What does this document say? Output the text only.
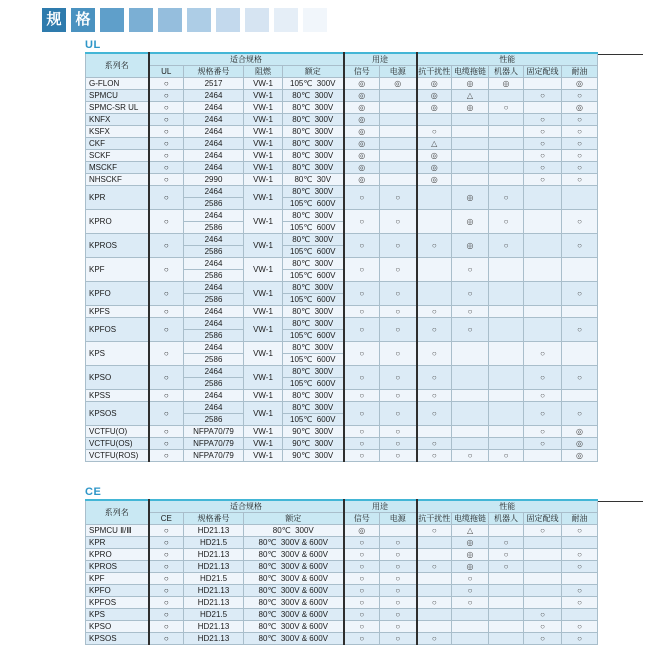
规 格
UL
系列名	适合规格				用途		性能				
	UL	规格番号	阻燃	额定	信号	电源	抗干扰性	电缆拖链	机器人	固定配线	耐油
G-FLON	○	2517	VW-1	105℃  300V	◎	◎	◎	◎	◎		◎
SPMCU	○	2464	VW-1	80℃  300V	◎		◎	△		○	○
SPMC-SR UL	○	2464	VW-1	80℃  300V	◎		◎	◎	○		◎
KNFX	○	2464	VW-1	80℃  300V	◎					○	○
KSFX	○	2464	VW-1	80℃  300V	◎		○			○	○
CKF	○	2464	VW-1	80℃  300V	◎		△			○	○
SCKF	○	2464	VW-1	80℃  300V	◎		◎			○	○
MSCKF	○	2464	VW-1	80℃  300V	◎		◎			○	○
NHSCKF	○	2990	VW-1	80℃  30V	◎		◎			○	○
KPR	○	2464	VW-1	80℃  300V	○	○		◎	○		
		2586		105℃  600V							
KPRO	○	2464	VW-1	80℃  300V	○	○		◎	○		○
		2586		105℃  600V							
KPROS	○	2464	VW-1	80℃  300V	○	○	○	◎	○		○
		2586		105℃  600V							
KPF	○	2464	VW-1	80℃  300V	○	○		○			
		2586		105℃  600V							
KPFO	○	2464	VW-1	80℃  300V	○	○		○			○
		2586		105℃  600V							
KPFS	○	2464	VW-1	80℃  300V	○	○	○	○			
KPFOS	○	2464	VW-1	80℃  300V	○	○	○	○			○
		2586		105℃  600V							
KPS	○	2464	VW-1	80℃  300V	○	○	○			○	
		2586		105℃  600V							
KPSO	○	2464	VW-1	80℃  300V	○	○	○			○	○
		2586		105℃  600V							
KPSS	○	2464	VW-1	80℃  300V	○	○	○			○	
KPSOS	○	2464	VW-1	80℃  300V	○	○	○			○	○
		2586		105℃  600V							
VCTFU(O)	○	NFPA70/79	VW-1	90℃  300V	○	○				○	◎
VCTFU(OS)	○	NFPA70/79	VW-1	90℃  300V	○	○	○			○	◎
VCTFU(ROS)	○	NFPA70/79	VW-1	90℃  300V	○	○	○	○	○		◎
CE
系列名	适合规格			用途		性能				
	CE	规格番号	额定	信号	电源	抗干扰性	电缆拖链	机器人	固定配线	耐油
SPMCU Ⅱ/Ⅲ	○	HD21.13	80℃  300V	◎		○	△		○	○
KPR	○	HD21.5	80℃  300V & 600V	○	○		◎	○		
KPRO	○	HD21.13	80℃  300V & 600V	○	○		◎	○		○
KPROS	○	HD21.13	80℃  300V & 600V	○	○	○	◎	○		○
KPF	○	HD21.5	80℃  300V & 600V	○	○		○			
KPFO	○	HD21.13	80℃  300V & 600V	○	○		○			○
KPFOS	○	HD21.13	80℃  300V & 600V	○	○	○	○			○
KPS	○	HD21.5	80℃  300V & 600V	○	○				○	
KPSO	○	HD21.13	80℃  300V & 600V	○	○				○	○
KPSOS	○	HD21.13	80℃  300V & 600V	○	○	○			○	○
